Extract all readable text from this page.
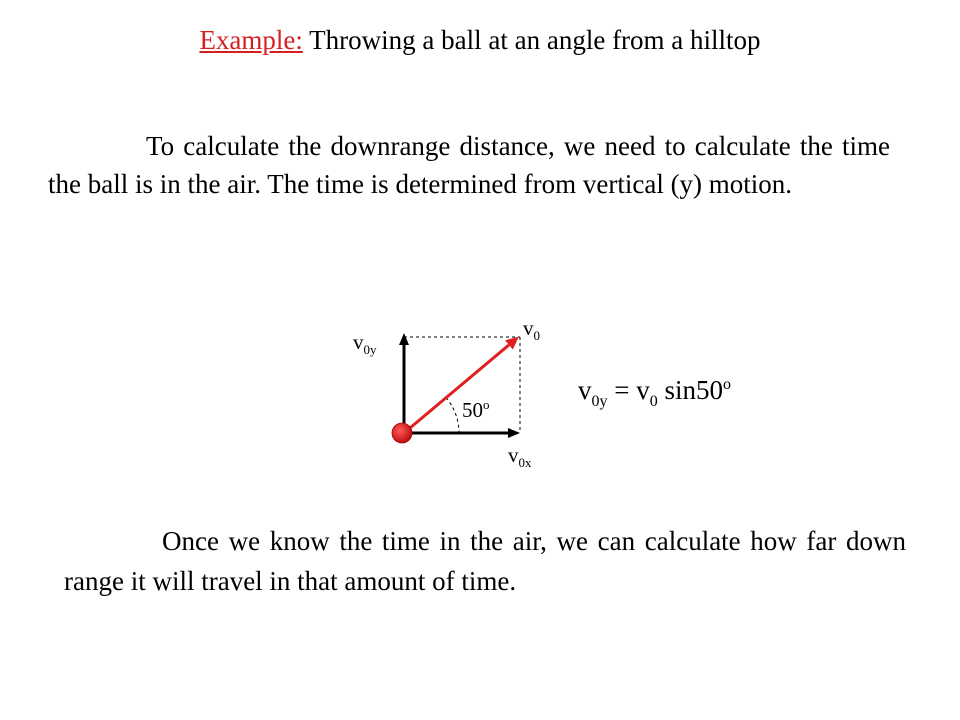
Example: Throwing a ball at an angle from a hilltop
To calculate the downrange distance, we need to calculate the time the ball is in the air. The time is determined from vertical (y) motion.
$v_0$
$v_{0y}$
$v_{0x}$
50$^o$	$v_{0y} = v_0$ sin50$^o$
Once we know the time in the air, we can calculate how far down range it will travel in that amount of time.
